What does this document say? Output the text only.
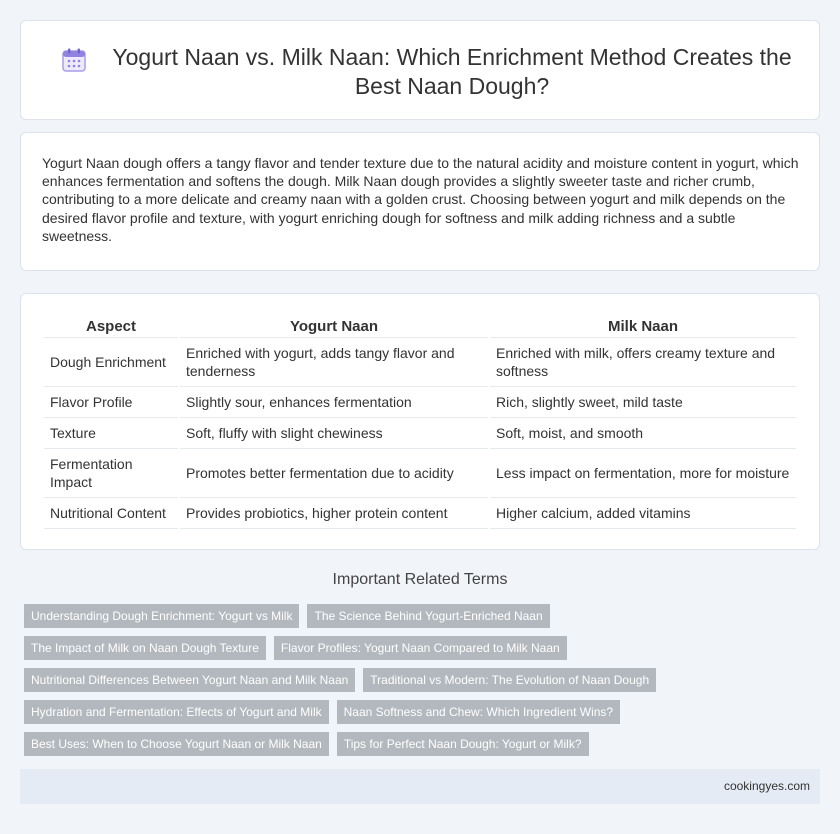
Yogurt Naan vs. Milk Naan: Which Enrichment Method Creates the Best Naan Dough?

Yogurt Naan dough offers a tangy flavor and tender texture due to the natural acidity and moisture content in yogurt, which enhances fermentation and softens the dough. Milk Naan dough provides a slightly sweeter taste and richer crumb, contributing to a more delicate and creamy naan with a golden crust. Choosing between yogurt and milk depends on the desired flavor profile and texture, with yogurt enriching dough for softness and milk adding richness and a subtle sweetness.

Aspect	Yogurt Naan	Milk Naan
Dough Enrichment	Enriched with yogurt, adds tangy flavor and tenderness	Enriched with milk, offers creamy texture and softness
Flavor Profile	Slightly sour, enhances fermentation	Rich, slightly sweet, mild taste
Texture	Soft, fluffy with slight chewiness	Soft, moist, and smooth
Fermentation Impact	Promotes better fermentation due to acidity	Less impact on fermentation, more for moisture
Nutritional Content	Provides probiotics, higher protein content	Higher calcium, added vitamins
Important Related Terms
Understanding Dough Enrichment: Yogurt vs Milk	The Science Behind Yogurt-Enriched Naan
The Impact of Milk on Naan Dough Texture	Flavor Profiles: Yogurt Naan Compared to Milk Naan
Nutritional Differences Between Yogurt Naan and Milk Naan	Traditional vs Modern: The Evolution of Naan Dough
Hydration and Fermentation: Effects of Yogurt and Milk	Naan Softness and Chew: Which Ingredient Wins?
Best Uses: When to Choose Yogurt Naan or Milk Naan	Tips for Perfect Naan Dough: Yogurt or Milk?
cookingyes.com
